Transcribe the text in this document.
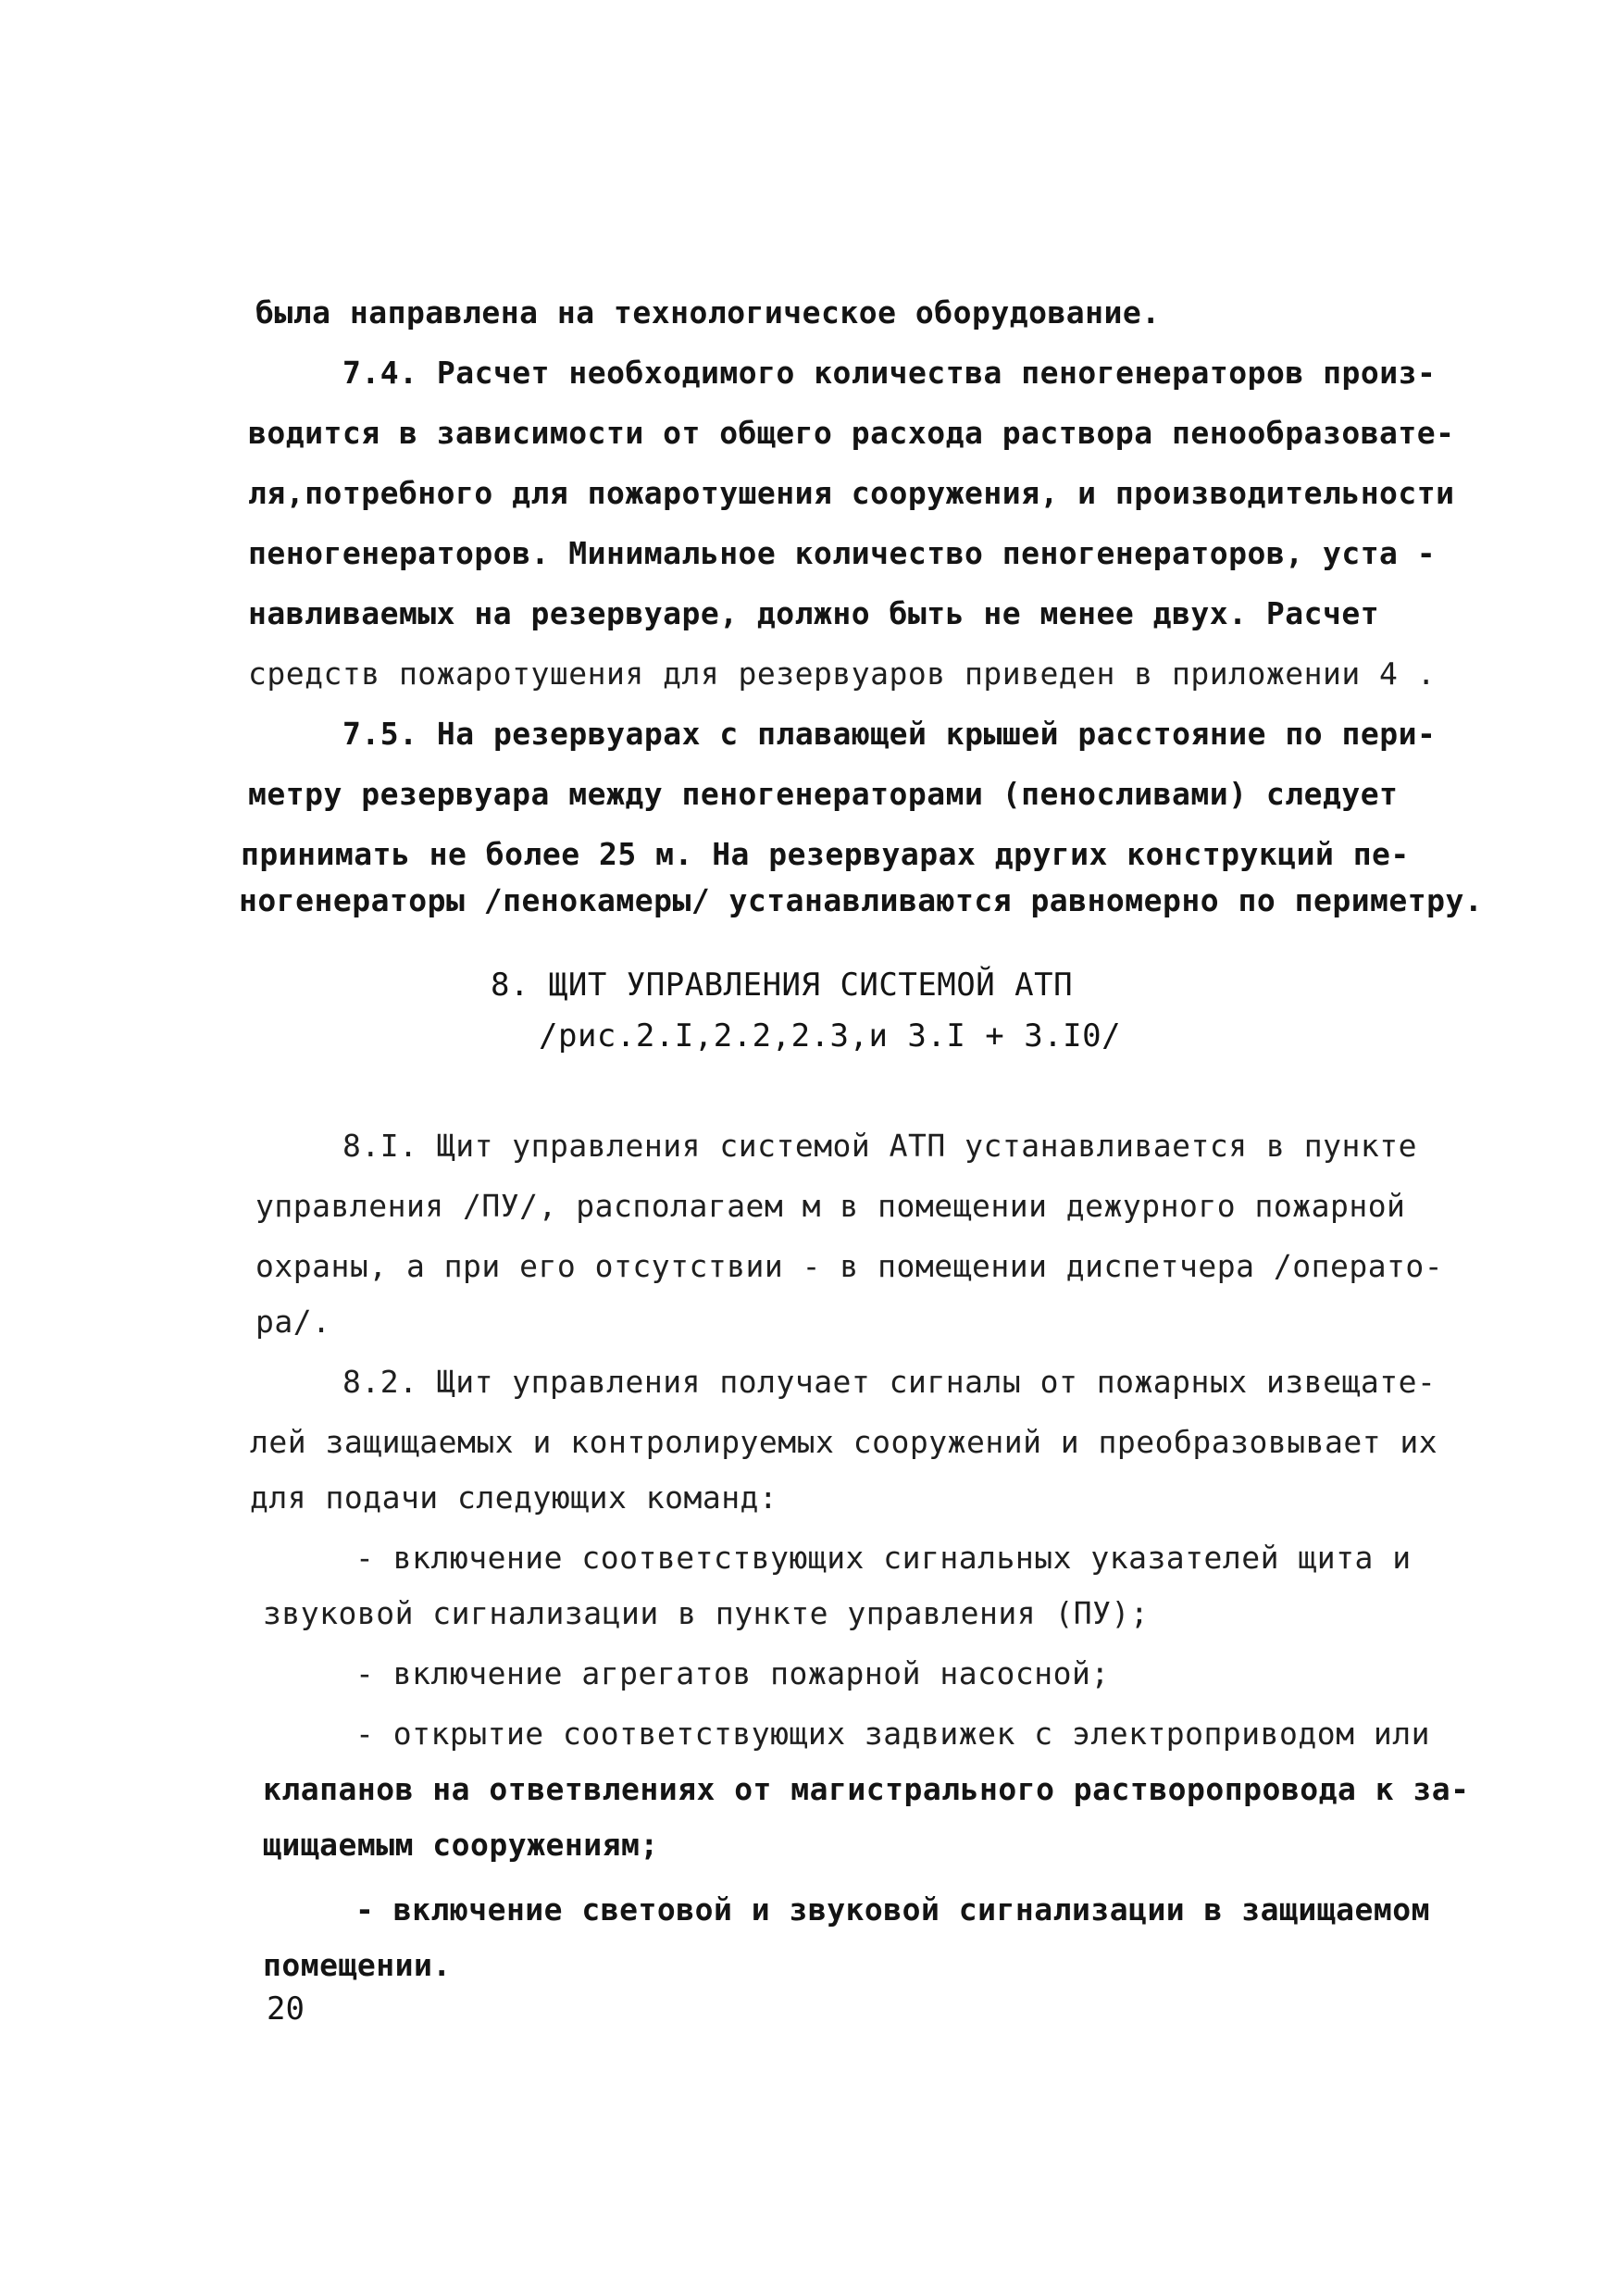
была направлена на технологическое оборудование.
7.4. Расчет необходимого количества пеногенераторов произ-
водится в зависимости от общего расхода раствора пенообразовате-
ля,потребного для пожаротушения сооружения, и производительности
пеногенераторов. Минимальное количество пеногенераторов, уста -
навливаемых на резервуаре, должно быть не менее двух. Расчет
средств пожаротушения для резервуаров приведен в приложении 4 .
7.5. На резервуарах с плавающей крышей расстояние по пери-
метру резервуара между пеногенераторами (пеносливами) следует
принимать не более 25 м. На резервуарах других конструкций пе-
ногенераторы /пенокамеры/ устанавливаются равномерно по периметру.
8. ЩИТ УПРАВЛЕНИЯ СИСТЕМОЙ АТП
/рис.2.I,2.2,2.3,и 3.I + 3.I0/
8.I. Щит управления системой АТП устанавливается в пункте
управления /ПУ/, располагаем м в помещении дежурного пожарной
охраны, а при его отсутствии - в помещении диспетчера /операто-
ра/.
8.2. Щит управления получает сигналы от пожарных извещате-
лей защищаемых и контролируемых сооружений и преобразовывает их
для подачи следующих команд:
- включение соответствующих сигнальных указателей щита и
звуковой сигнализации в пункте управления (ПУ);
- включение агрегатов пожарной насосной;
- открытие соответствующих задвижек с электроприводом или
клапанов на ответвлениях от магистрального растворопровода к за-
щищаемым сооружениям;
- включение световой и звуковой сигнализации в защищаемом
помещении.
20
